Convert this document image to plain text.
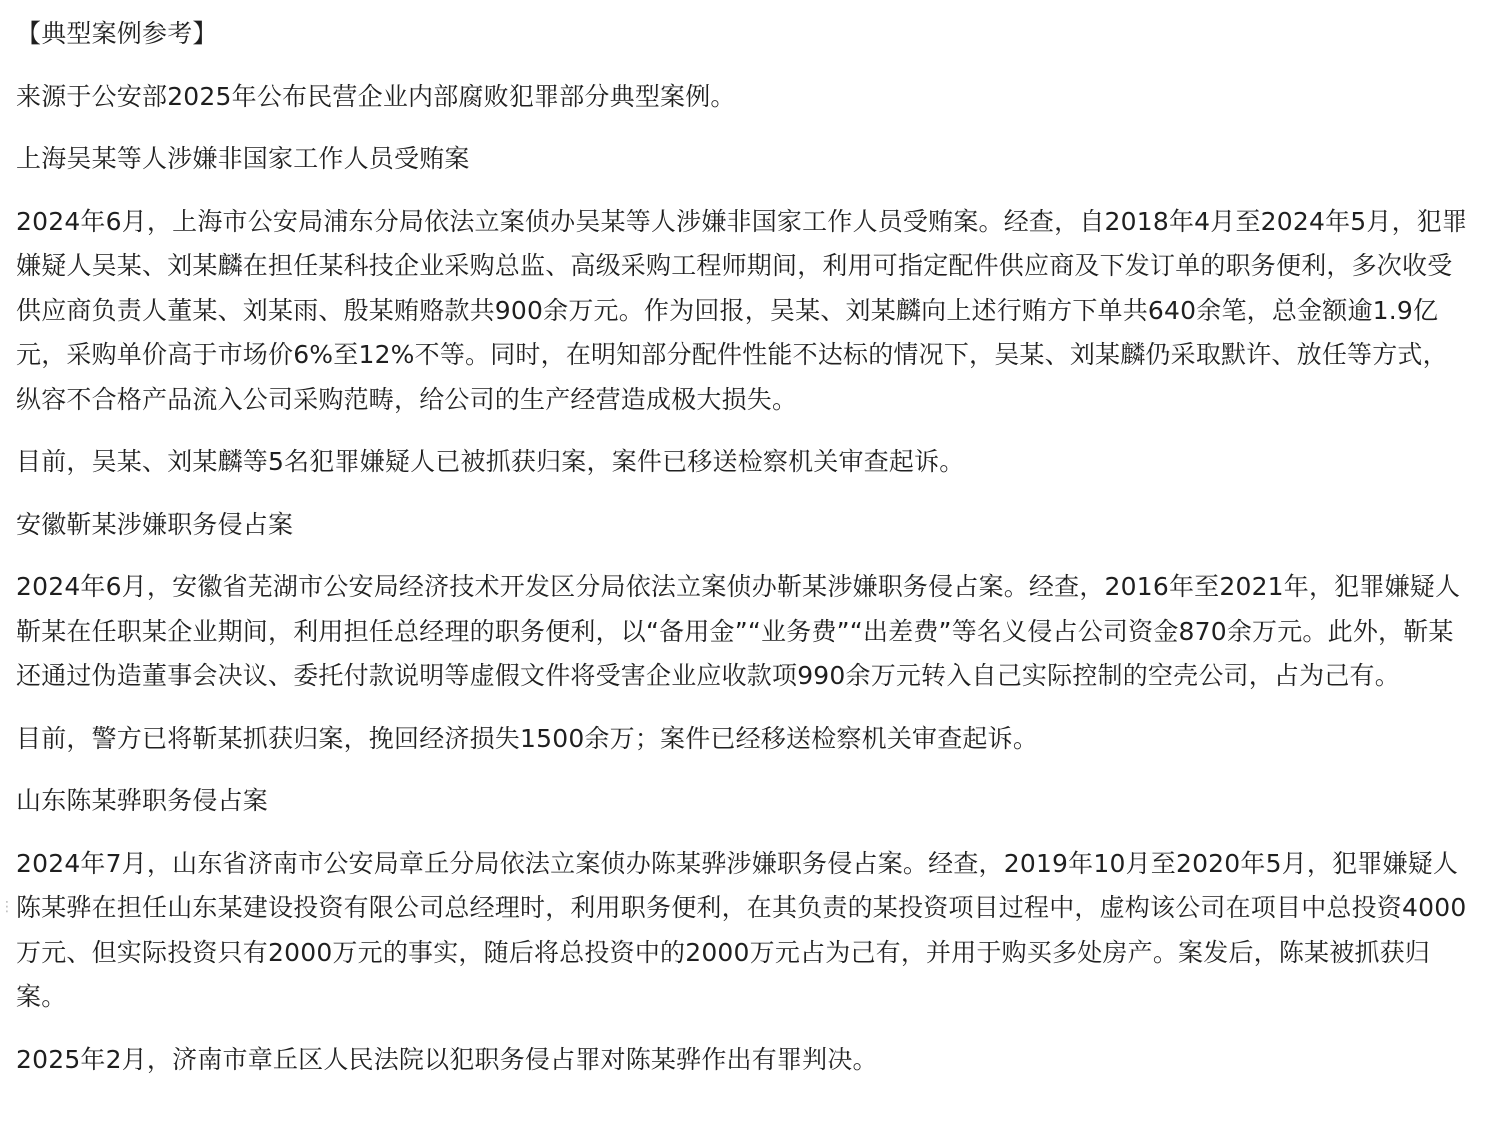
【典型案例参考】

来源于公安部2025年公布民营企业内部腐败犯罪部分典型案例。

上海吴某等人涉嫌非国家工作人员受贿案

2024年6月，上海市公安局浦东分局依法立案侦办吴某等人涉嫌非国家工作人员受贿案。经查，自2018年4月至2024年5月，犯罪嫌疑人吴某、刘某麟在担任某科技企业采购总监、高级采购工程师期间，利用可指定配件供应商及下发订单的职务便利，多次收受供应商负责人董某、刘某雨、殷某贿赂款共900余万元。作为回报，吴某、刘某麟向上述行贿方下单共640余笔，总金额逾1.9亿元，采购单价高于市场价6%至12%不等。同时，在明知部分配件性能不达标的情况下，吴某、刘某麟仍采取默许、放任等方式，纵容不合格产品流入公司采购范畴，给公司的生产经营造成极大损失。

目前，吴某、刘某麟等5名犯罪嫌疑人已被抓获归案，案件已移送检察机关审查起诉。

安徽靳某涉嫌职务侵占案

2024年6月，安徽省芜湖市公安局经济技术开发区分局依法立案侦办靳某涉嫌职务侵占案。经查，2016年至2021年，犯罪嫌疑人靳某在任职某企业期间，利用担任总经理的职务便利，以“备用金”“业务费”“出差费”等名义侵占公司资金870余万元。此外，靳某还通过伪造董事会决议、委托付款说明等虚假文件将受害企业应收款项990余万元转入自己实际控制的空壳公司，占为己有。

目前，警方已将靳某抓获归案，挽回经济损失1500余万；案件已经移送检察机关审查起诉。

山东陈某骅职务侵占案

2024年7月，山东省济南市公安局章丘分局依法立案侦办陈某骅涉嫌职务侵占案。经查，2019年10月至2020年5月，犯罪嫌疑人陈某骅在担任山东某建设投资有限公司总经理时，利用职务便利，在其负责的某投资项目过程中，虚构该公司在项目中总投资4000万元、但实际投资只有2000万元的事实，随后将总投资中的2000万元占为己有，并用于购买多处房产。案发后，陈某被抓获归案。

2025年2月，济南市章丘区人民法院以犯职务侵占罪对陈某骅作出有罪判决。

⋮
